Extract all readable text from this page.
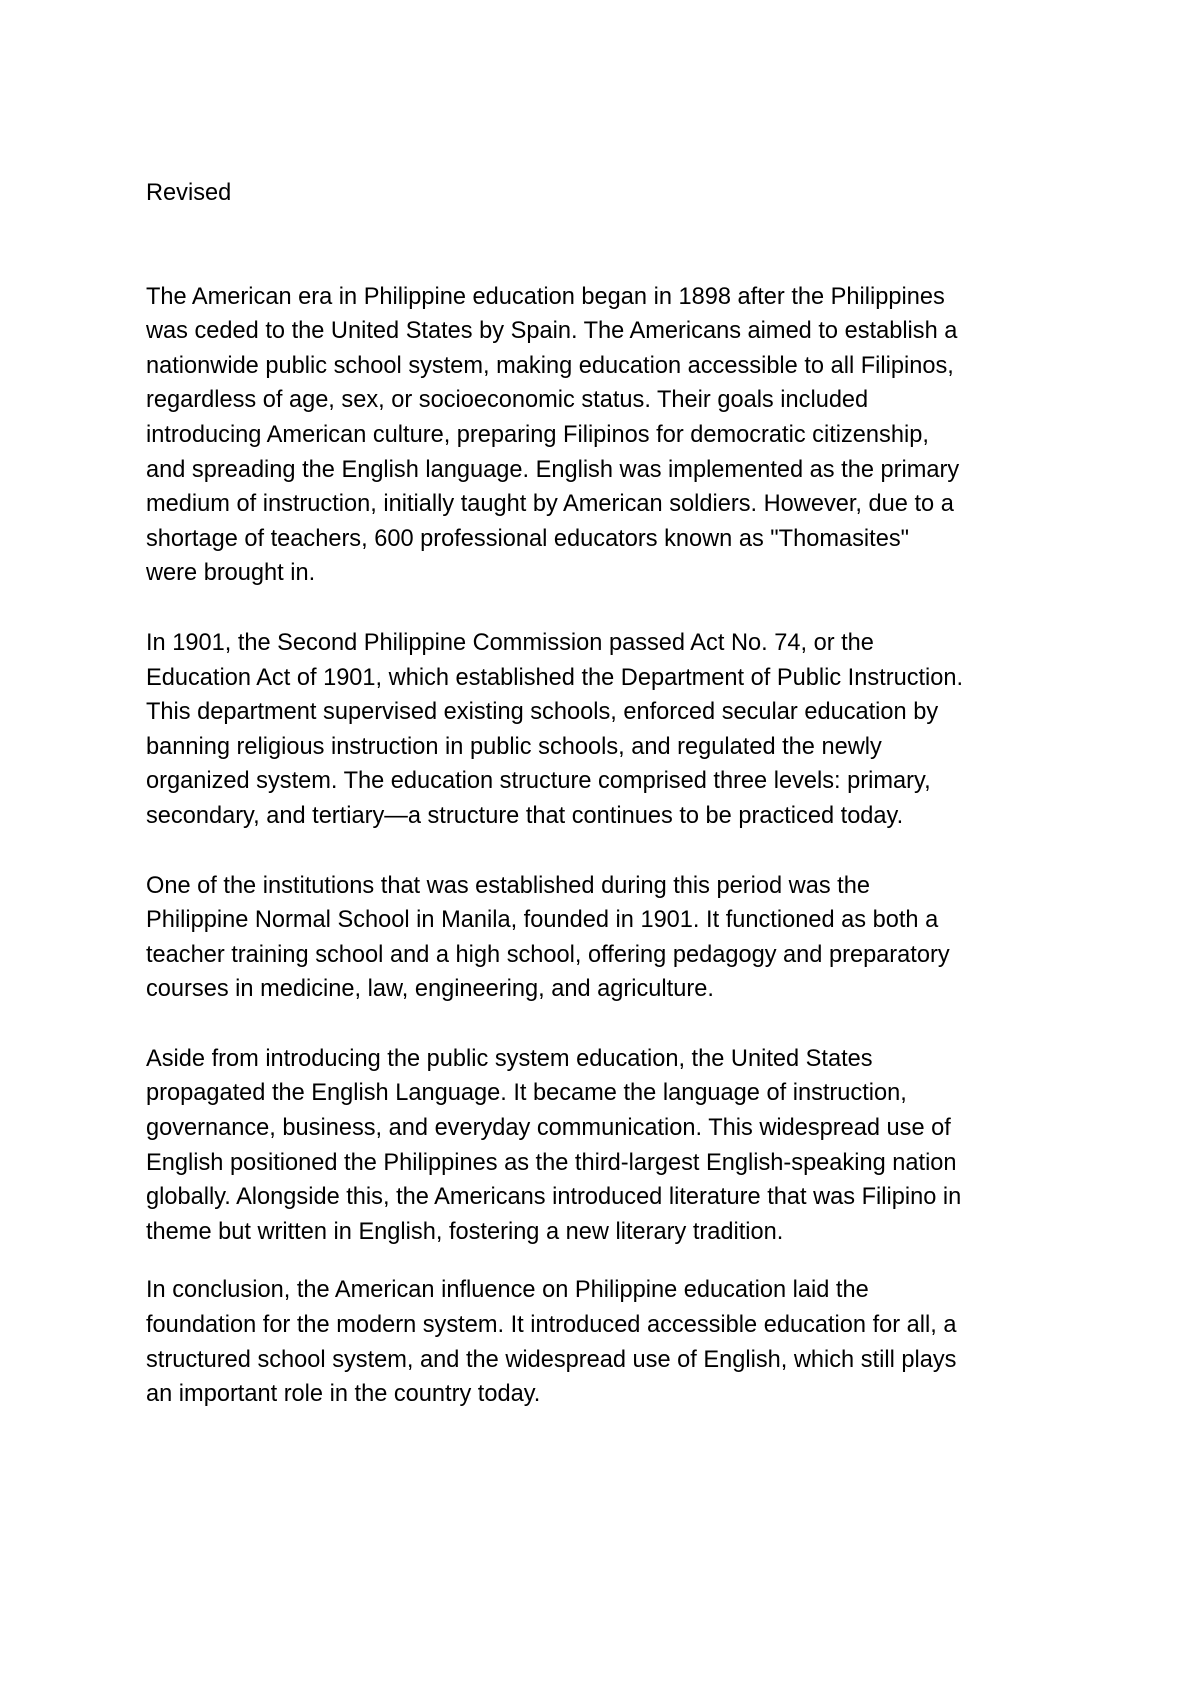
Revised
The American era in Philippine education began in 1898 after the Philippines
was ceded to the United States by Spain. The Americans aimed to establish a
nationwide public school system, making education accessible to all Filipinos,
regardless of age, sex, or socioeconomic status. Their goals included
introducing American culture, preparing Filipinos for democratic citizenship,
and spreading the English language. English was implemented as the primary
medium of instruction, initially taught by American soldiers. However, due to a
shortage of teachers, 600 professional educators known as "Thomasites"
were brought in.
In 1901, the Second Philippine Commission passed Act No. 74, or the
Education Act of 1901, which established the Department of Public Instruction.
This department supervised existing schools, enforced secular education by
banning religious instruction in public schools, and regulated the newly
organized system. The education structure comprised three levels: primary,
secondary, and tertiary—a structure that continues to be practiced today.
One of the institutions that was established during this period was the
Philippine Normal School in Manila, founded in 1901. It functioned as both a
teacher training school and a high school, offering pedagogy and preparatory
courses in medicine, law, engineering, and agriculture.
Aside from introducing the public system education, the United States
propagated the English Language. It became the language of instruction,
governance, business, and everyday communication. This widespread use of
English positioned the Philippines as the third-largest English-speaking nation
globally. Alongside this, the Americans introduced literature that was Filipino in
theme but written in English, fostering a new literary tradition.
In conclusion, the American influence on Philippine education laid the
foundation for the modern system. It introduced accessible education for all, a
structured school system, and the widespread use of English, which still plays
an important role in the country today.
